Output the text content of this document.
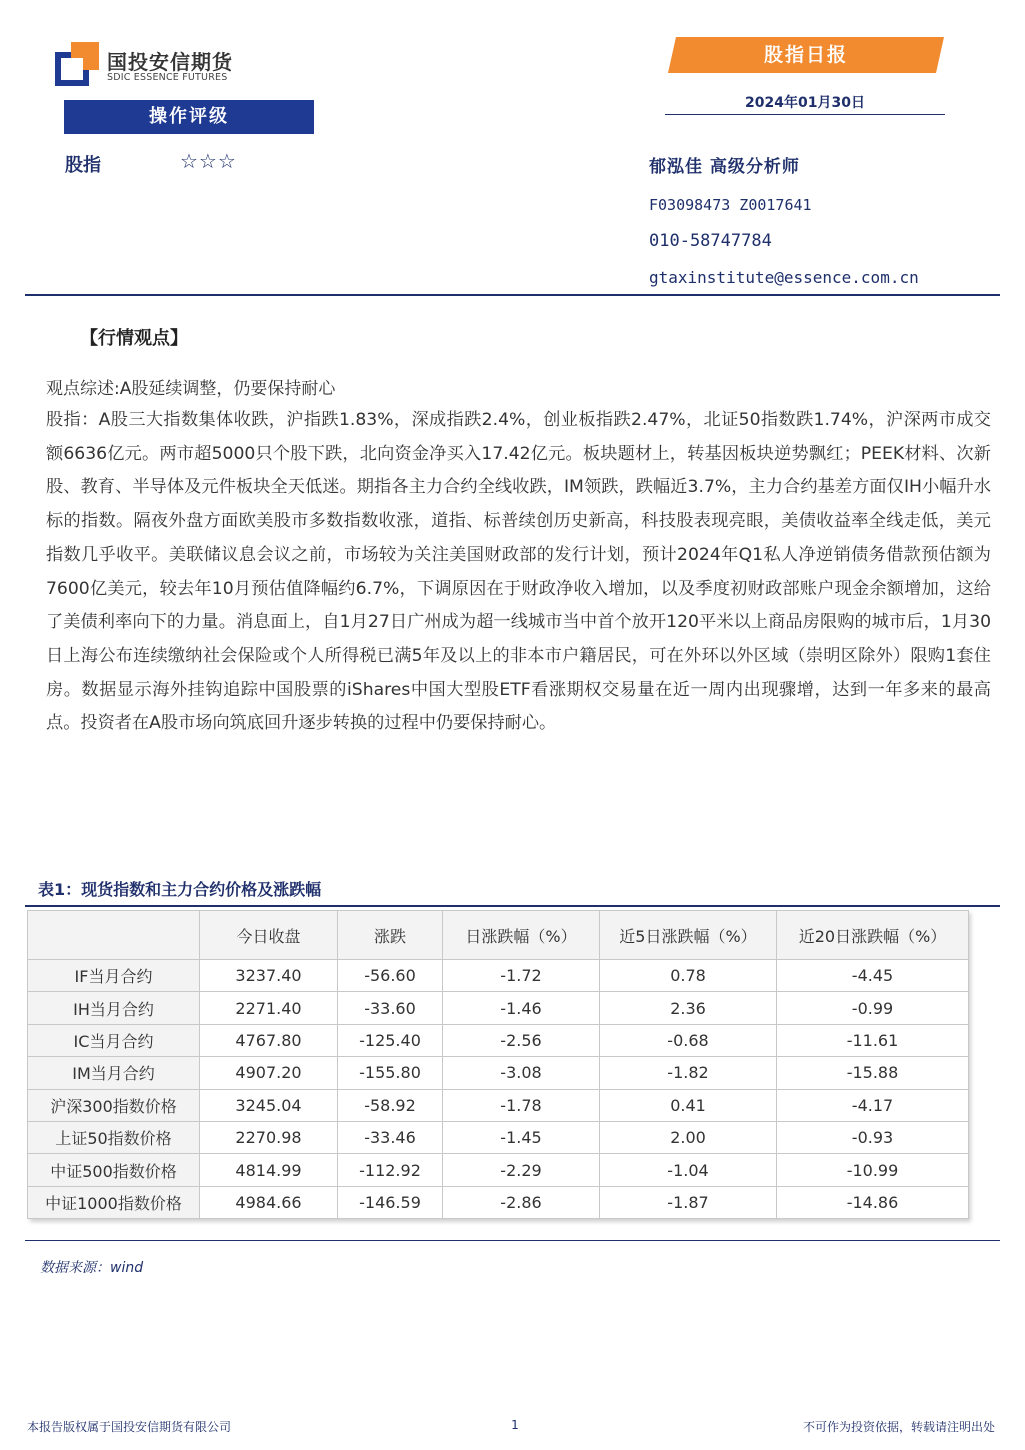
国投安信期货
SDIC ESSENCE FUTURES
股指日报
2024年01月30日
操作评级
股指	☆☆☆	郁泓佳 高级分析师
F03098473 Z0017641
010-58747784
gtaxinstitute@essence.com.cn
【行情观点】
观点综述:A股延续调整，仍要保持耐心
股指：A股三大指数集体收跌，沪指跌1.83%，深成指跌2.4%，创业板指跌2.47%，北证50指数跌1.74%，沪深两市成交额6636亿元。两市超5000只个股下跌，北向资金净买入17.42亿元。板块题材上，转基因板块逆势飘红；PEEK材料、次新股、教育、半导体及元件板块全天低迷。期指各主力合约全线收跌，IM领跌，跌幅近3.7%，主力合约基差方面仅IH小幅升水标的指数。隔夜外盘方面欧美股市多数指数收涨，道指、标普续创历史新高，科技股表现亮眼，美债收益率全线走低，美元指数几乎收平。美联储议息会议之前，市场较为关注美国财政部的发行计划，预计2024年Q1私人净逆销债务借款预估额为7600亿美元，较去年10月预估值降幅约6.7%，下调原因在于财政净收入增加，以及季度初财政部账户现金余额增加，这给了美债利率向下的力量。消息面上，自1月27日广州成为超一线城市当中首个放开120平米以上商品房限购的城市后，1月30日上海公布连续缴纳社会保险或个人所得税已满5年及以上的非本市户籍居民，可在外环以外区域（崇明区除外）限购1套住房。数据显示海外挂钩追踪中国股票的iShares中国大型股ETF看涨期权交易量在近一周内出现骤增，达到一年多来的最高点。投资者在A股市场向筑底回升逐步转换的过程中仍要保持耐心。
表1：现货指数和主力合约价格及涨跌幅
	今日收盘	涨跌	日涨跌幅（%）	近5日涨跌幅（%）	近20日涨跌幅（%）
IF当月合约	3237.40	-56.60	-1.72	0.78	-4.45
IH当月合约	2271.40	-33.60	-1.46	2.36	-0.99
IC当月合约	4767.80	-125.40	-2.56	-0.68	-11.61
IM当月合约	4907.20	-155.80	-3.08	-1.82	-15.88
沪深300指数价格	3245.04	-58.92	-1.78	0.41	-4.17
上证50指数价格	2270.98	-33.46	-1.45	2.00	-0.93
中证500指数价格	4814.99	-112.92	-2.29	-1.04	-10.99
中证1000指数价格	4984.66	-146.59	-2.86	-1.87	-14.86
数据来源：wind
本报告版权属于国投安信期货有限公司	1	不可作为投资依据，转载请注明出处
